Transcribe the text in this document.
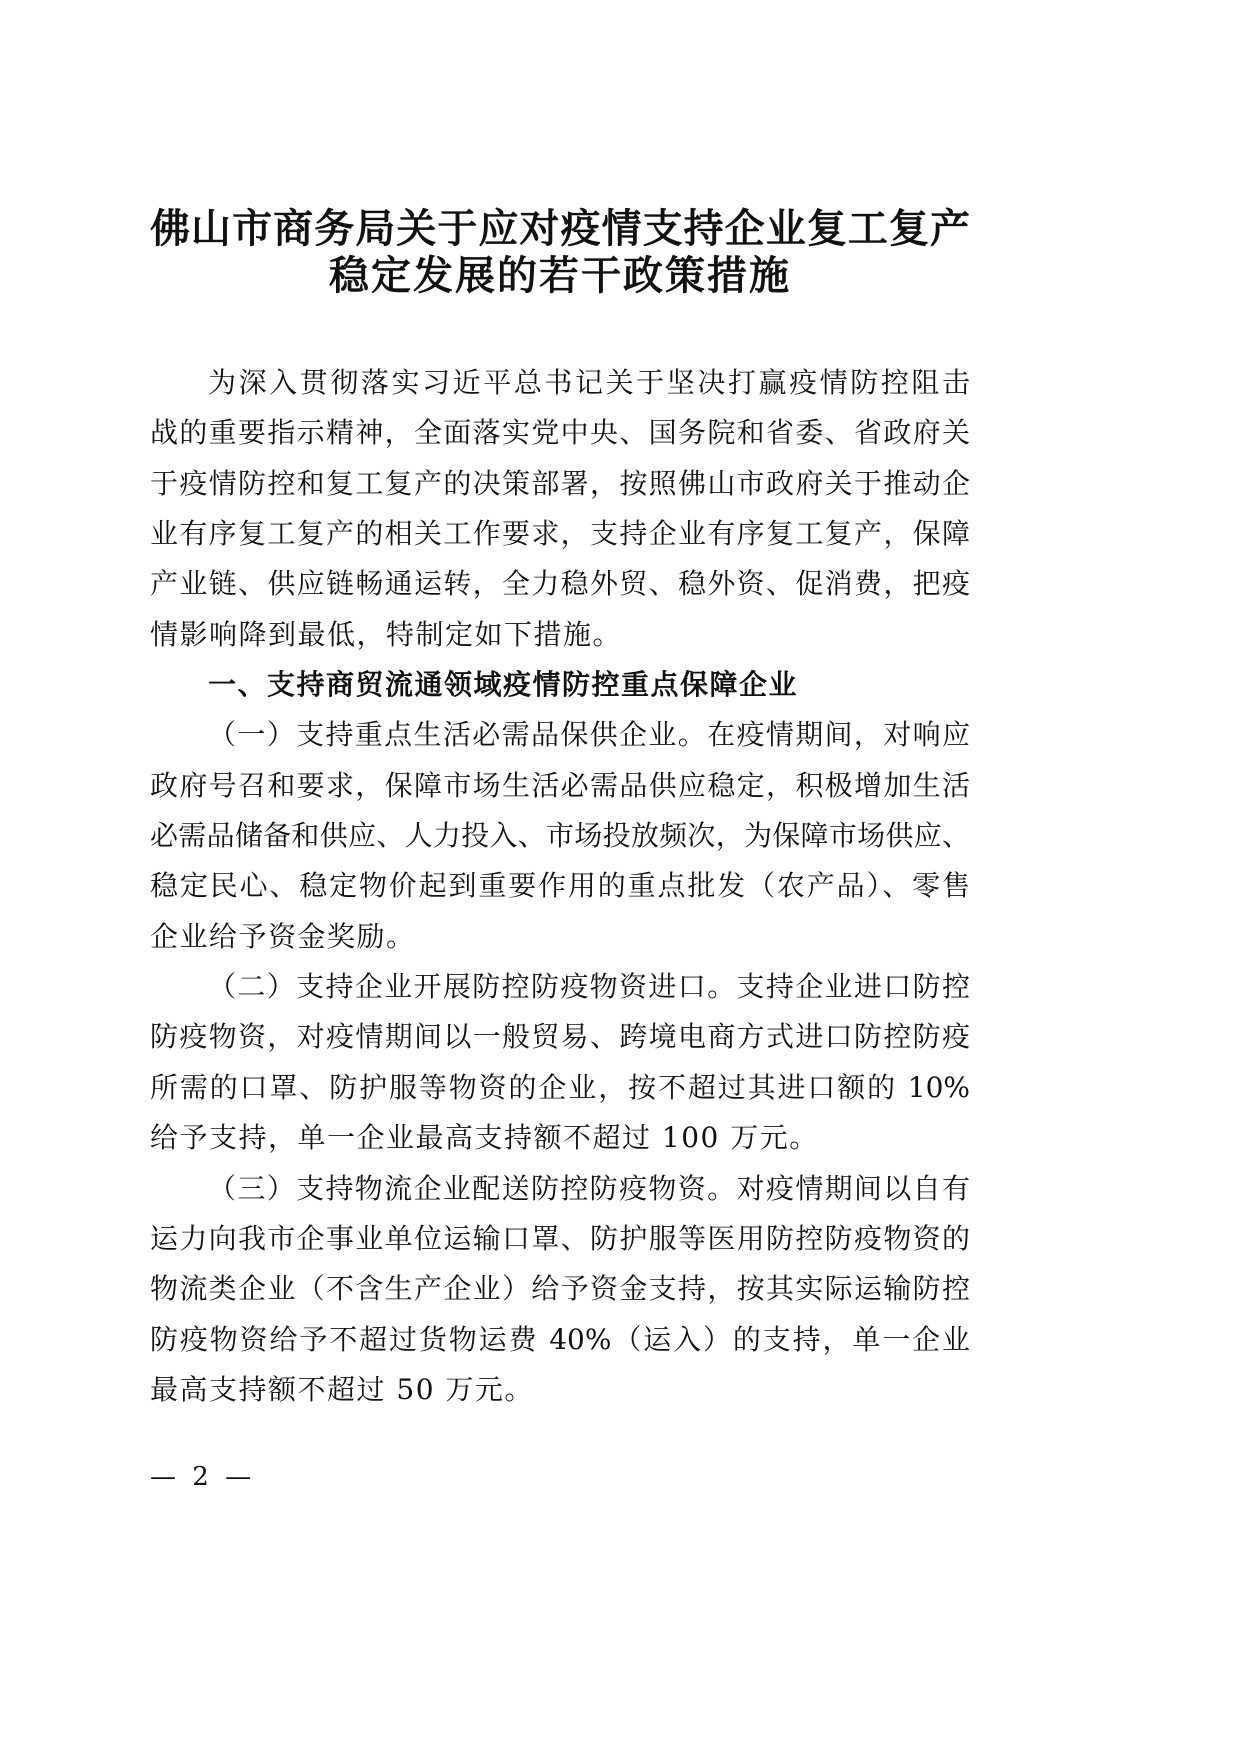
佛山市商务局关于应对疫情支持企业复工复产
稳定发展的若干政策措施
为深入贯彻落实习近平总书记关于坚决打赢疫情防控阻击
战的重要指示精神，全面落实党中央、国务院和省委、省政府关
于疫情防控和复工复产的决策部署，按照佛山市政府关于推动企
业有序复工复产的相关工作要求，支持企业有序复工复产，保障
产业链、供应链畅通运转，全力稳外贸、稳外资、促消费，把疫
情影响降到最低，特制定如下措施。
一、支持商贸流通领域疫情防控重点保障企业
（一）支持重点生活必需品保供企业。在疫情期间，对响应
政府号召和要求，保障市场生活必需品供应稳定，积极增加生活
必需品储备和供应、人力投入、市场投放频次，为保障市场供应、
稳定民心、稳定物价起到重要作用的重点批发（农产品）、零售
企业给予资金奖励。
（二）支持企业开展防控防疫物资进口。支持企业进口防控
防疫物资，对疫情期间以一般贸易、跨境电商方式进口防控防疫
所需的口罩、防护服等物资的企业，按不超过其进口额的 10%
给予支持，单一企业最高支持额不超过 100 万元。
（三）支持物流企业配送防控防疫物资。对疫情期间以自有
运力向我市企事业单位运输口罩、防护服等医用防控防疫物资的
物流类企业（不含生产企业）给予资金支持，按其实际运输防控
防疫物资给予不超过货物运费 40%（运入）的支持，单一企业
最高支持额不超过 50 万元。
— 2 —
